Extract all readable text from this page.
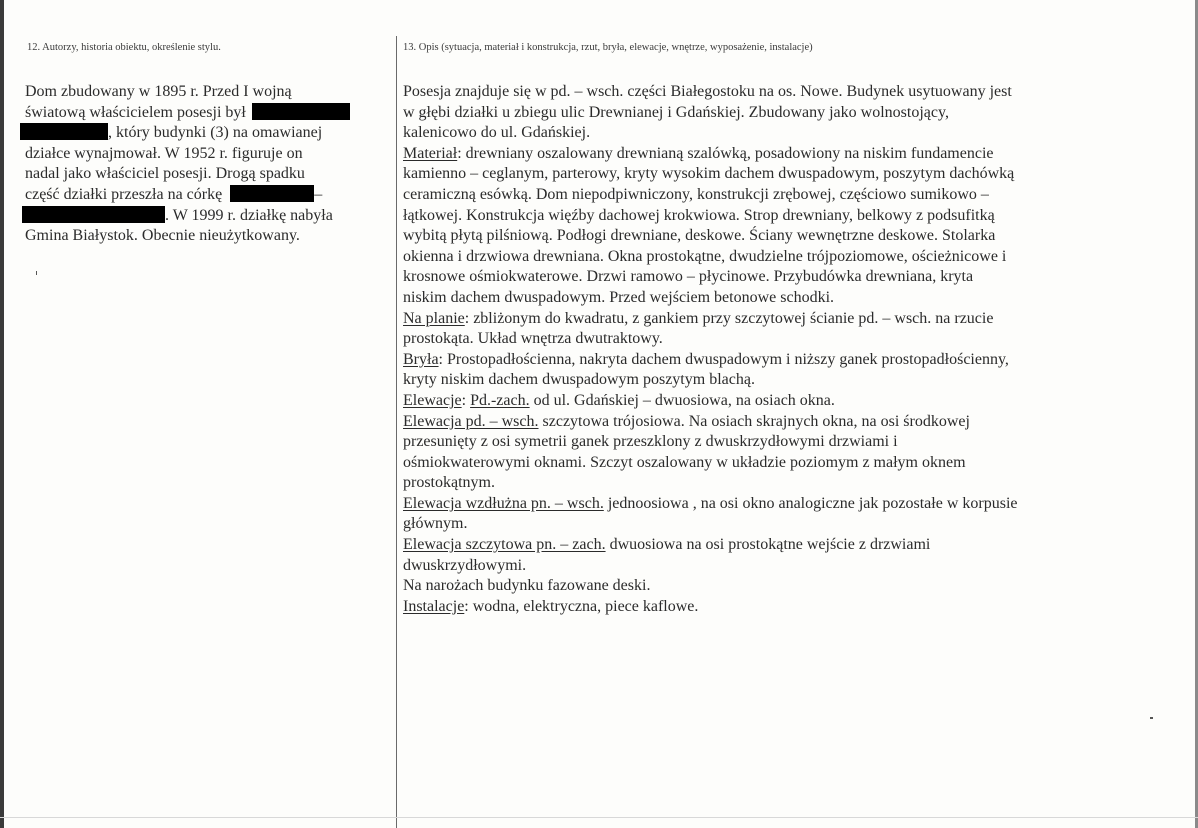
12. Autorzy, historia obiektu, określenie stylu.	13. Opis (sytuacja, materiał i konstrukcja, rzut, bryła, elewacje, wnętrze, wyposażenie, instalacje)
Dom zbudowany w 1895 r. Przed I wojną
światową właścicielem posesji był
, który budynki (3) na omawianej
działce wynajmował. W 1952 r. figuruje on
nadal jako właściciel posesji. Drogą spadku
część działki przeszła na córkę	–
. W 1999 r. działkę nabyła
Gmina Białystok. Obecnie nieużytkowany.
Posesja znajduje się w pd. – wsch. części Białegostoku na os. Nowe. Budynek usytuowany jest
w głębi działki u zbiegu ulic Drewnianej i Gdańskiej. Zbudowany jako wolnostojący,
kalenicowo do ul. Gdańskiej.
Materiał: drewniany oszalowany drewnianą szalówką, posadowiony na niskim fundamencie
kamienno – ceglanym, parterowy, kryty wysokim dachem dwuspadowym, poszytym dachówką
ceramiczną esówką. Dom niepodpiwniczony, konstrukcji zrębowej, częściowo sumikowo –
łątkowej. Konstrukcja więźby dachowej krokwiowa. Strop drewniany, belkowy z podsufitką
wybitą płytą pilśniową. Podłogi drewniane, deskowe. Ściany wewnętrzne deskowe. Stolarka
okienna i drzwiowa drewniana. Okna prostokątne, dwudzielne trójpoziomowe, ościeżnicowe i
krosnowe ośmiokwaterowe. Drzwi ramowo – płycinowe. Przybudówka drewniana, kryta
niskim dachem dwuspadowym. Przed wejściem betonowe schodki.
Na planie: zbliżonym do kwadratu, z gankiem przy szczytowej ścianie pd. – wsch. na rzucie
prostokąta. Układ wnętrza dwutraktowy.
Bryła: Prostopadłościenna, nakryta dachem dwuspadowym i niższy ganek prostopadłościenny,
kryty niskim dachem dwuspadowym poszytym blachą.
Elewacje: Pd.-zach. od ul. Gdańskiej – dwuosiowa, na osiach okna.
Elewacja pd. – wsch. szczytowa trójosiowa. Na osiach skrajnych okna, na osi środkowej
przesunięty z osi symetrii ganek przeszklony z dwuskrzydłowymi drzwiami i
ośmiokwaterowymi oknami. Szczyt oszalowany w układzie poziomym z małym oknem
prostokątnym.
Elewacja wzdłużna pn. – wsch. jednoosiowa , na osi okno analogiczne jak pozostałe w korpusie
głównym.
Elewacja szczytowa pn. – zach. dwuosiowa na osi prostokątne wejście z drzwiami
dwuskrzydłowymi.
Na narożach budynku fazowane deski.
Instalacje: wodna, elektryczna, piece kaflowe.
